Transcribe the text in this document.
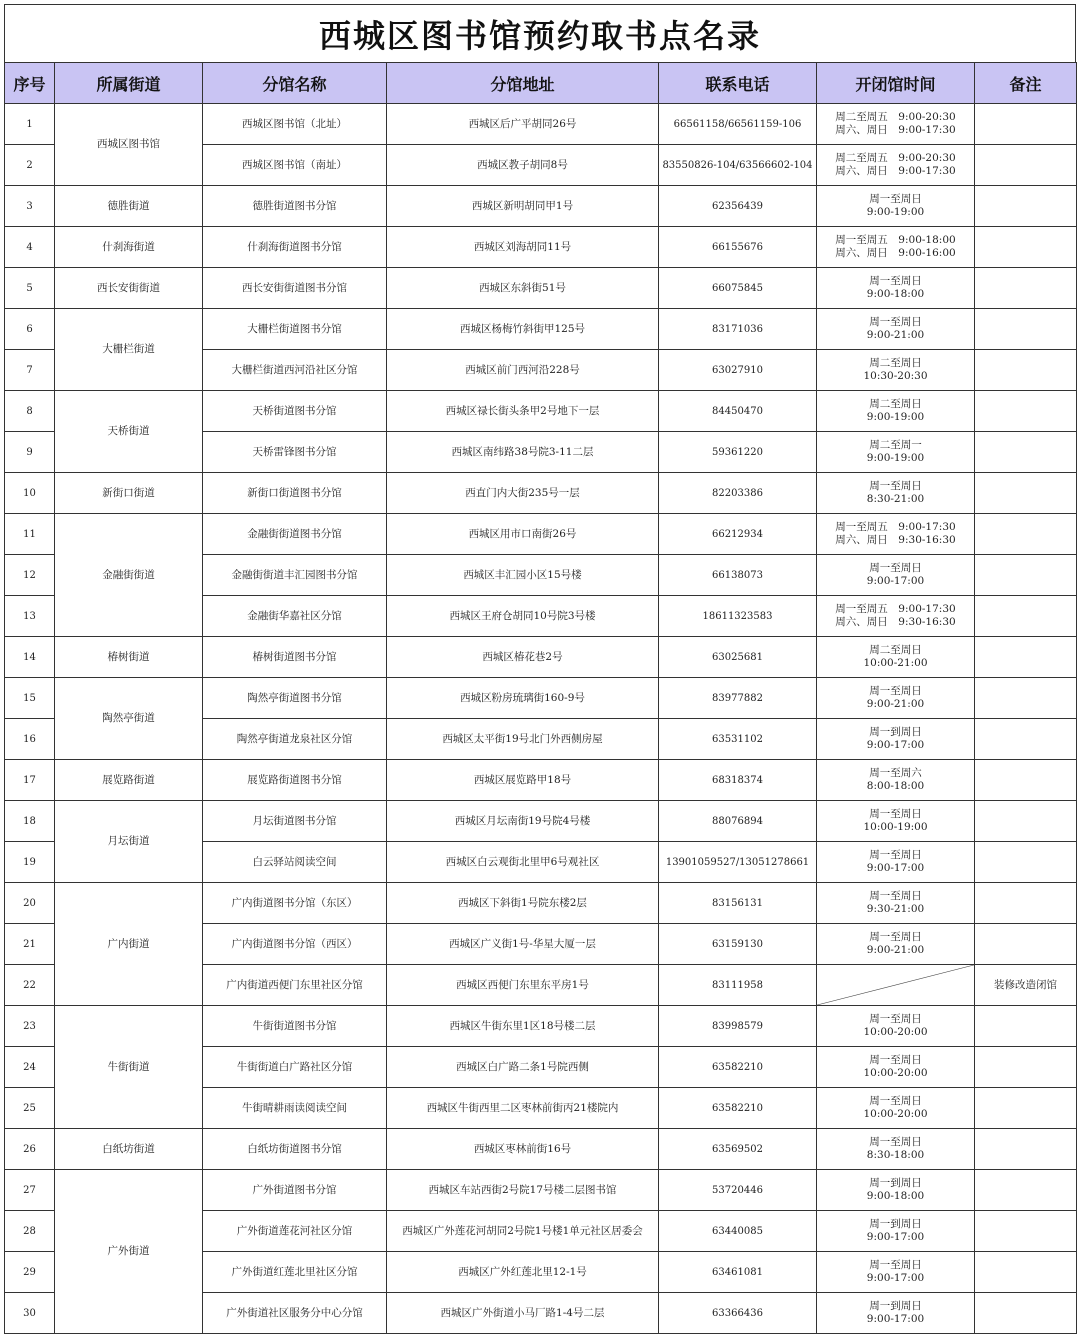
西城区图书馆预约取书点名录
序号	所属街道	分馆名称	分馆地址	联系电话	开闭馆时间	备注
1	西城区图书馆	西城区图书馆（北址）	西城区后广平胡同26号	66561158/66561159-106	周二至周五　9:00-20:30
周六、周日　9:00-17:30	

2		西城区图书馆（南址）	西城区教子胡同8号	83550826-104/63566602-104	周二至周五　9:00-20:30
周六、周日　9:00-17:30	

3	德胜街道	德胜街道图书分馆	西城区新明胡同甲1号	62356439	周一至周日
9:00-19:00	

4	什刹海街道	什刹海街道图书分馆	西城区刘海胡同11号	66155676	周一至周五　9:00-18:00
周六、周日　9:00-16:00	

5	西长安街街道	西长安街街道图书分馆	西城区东斜街51号	66075845	周一至周日
9:00-18:00	

6	大栅栏街道	大栅栏街道图书分馆	西城区杨梅竹斜街甲125号	83171036	周一至周日
9:00-21:00	

7		大栅栏街道西河沿社区分馆	西城区前门西河沿228号	63027910	周二至周日
10:30-20:30	

8	天桥街道	天桥街道图书分馆	西城区禄长街头条甲2号地下一层	84450470	周二至周日
9:00-19:00	

9		天桥雷锋图书分馆	西城区南纬路38号院3-11二层	59361220	周二至周一
9:00-19:00	

10	新街口街道	新街口街道图书分馆	西直门内大街235号一层	82203386	周一至周日
8:30-21:00	

11	金融街街道	金融街街道图书分馆	西城区用市口南街26号	66212934	周一至周五　9:00-17:30
周六、周日　9:30-16:30	

12		金融街街道丰汇园图书分馆	西城区丰汇园小区15号楼	66138073	周一至周日
9:00-17:00	

13		金融街华嘉社区分馆	西城区王府仓胡同10号院3号楼	18611323583	周一至周五　9:00-17:30
周六、周日　9:30-16:30	

14	椿树街道	椿树街道图书分馆	西城区椿花巷2号	63025681	周二至周日
10:00-21:00	

15	陶然亭街道	陶然亭街道图书分馆	西城区粉房琉璃街160-9号	83977882	周一至周日
9:00-21:00	

16		陶然亭街道龙泉社区分馆	西城区太平街19号北门外西侧房屋	63531102	周一到周日
9:00-17:00	

17	展览路街道	展览路街道图书分馆	西城区展览路甲18号	68318374	周一至周六
8:00-18:00	

18	月坛街道	月坛街道图书分馆	西城区月坛南街19号院4号楼	88076894	周一至周日
10:00-19:00	

19		白云驿站阅读空间	西城区白云观街北里甲6号观社区	13901059527/13051278661	周一至周日
9:00-17:00	

20	广内街道	广内街道图书分馆（东区）	西城区下斜街1号院东楼2层	83156131	周一至周日
9:30-21:00	

21		广内街道图书分馆（西区）	西城区广义街1号-华星大厦一层	63159130	周一至周日
9:00-21:00	

22		广内街道西便门东里社区分馆	西城区西便门东里东平房1号	83111958		装修改造闭馆
23	牛街街道	牛街街道图书分馆	西城区牛街东里1区18号楼二层	83998579	周一至周日
10:00-20:00	

24		牛街街道白广路社区分馆	西城区白广路二条1号院西侧	63582210	周一至周日
10:00-20:00	

25		牛街晴耕雨读阅读空间	西城区牛街西里二区枣林前街丙21楼院内	63582210	周一至周日
10:00-20:00	

26	白纸坊街道	白纸坊街道图书分馆	西城区枣林前街16号	63569502	周一至周日
8:30-18:00	

27	广外街道	广外街道图书分馆	西城区车站西街2号院17号楼二层图书馆	53720446	周一到周日
9:00-18:00	

28		广外街道莲花河社区分馆	西城区广外莲花河胡同2号院1号楼1单元社区居委会	63440085	周一到周日
9:00-17:00	

29		广外街道红莲北里社区分馆	西城区广外红莲北里12-1号	63461081	周一至周日
9:00-17:00	

30		广外街道社区服务分中心分馆	西城区广外街道小马厂路1-4号二层	63366436	周一到周日
9:00-17:00	
